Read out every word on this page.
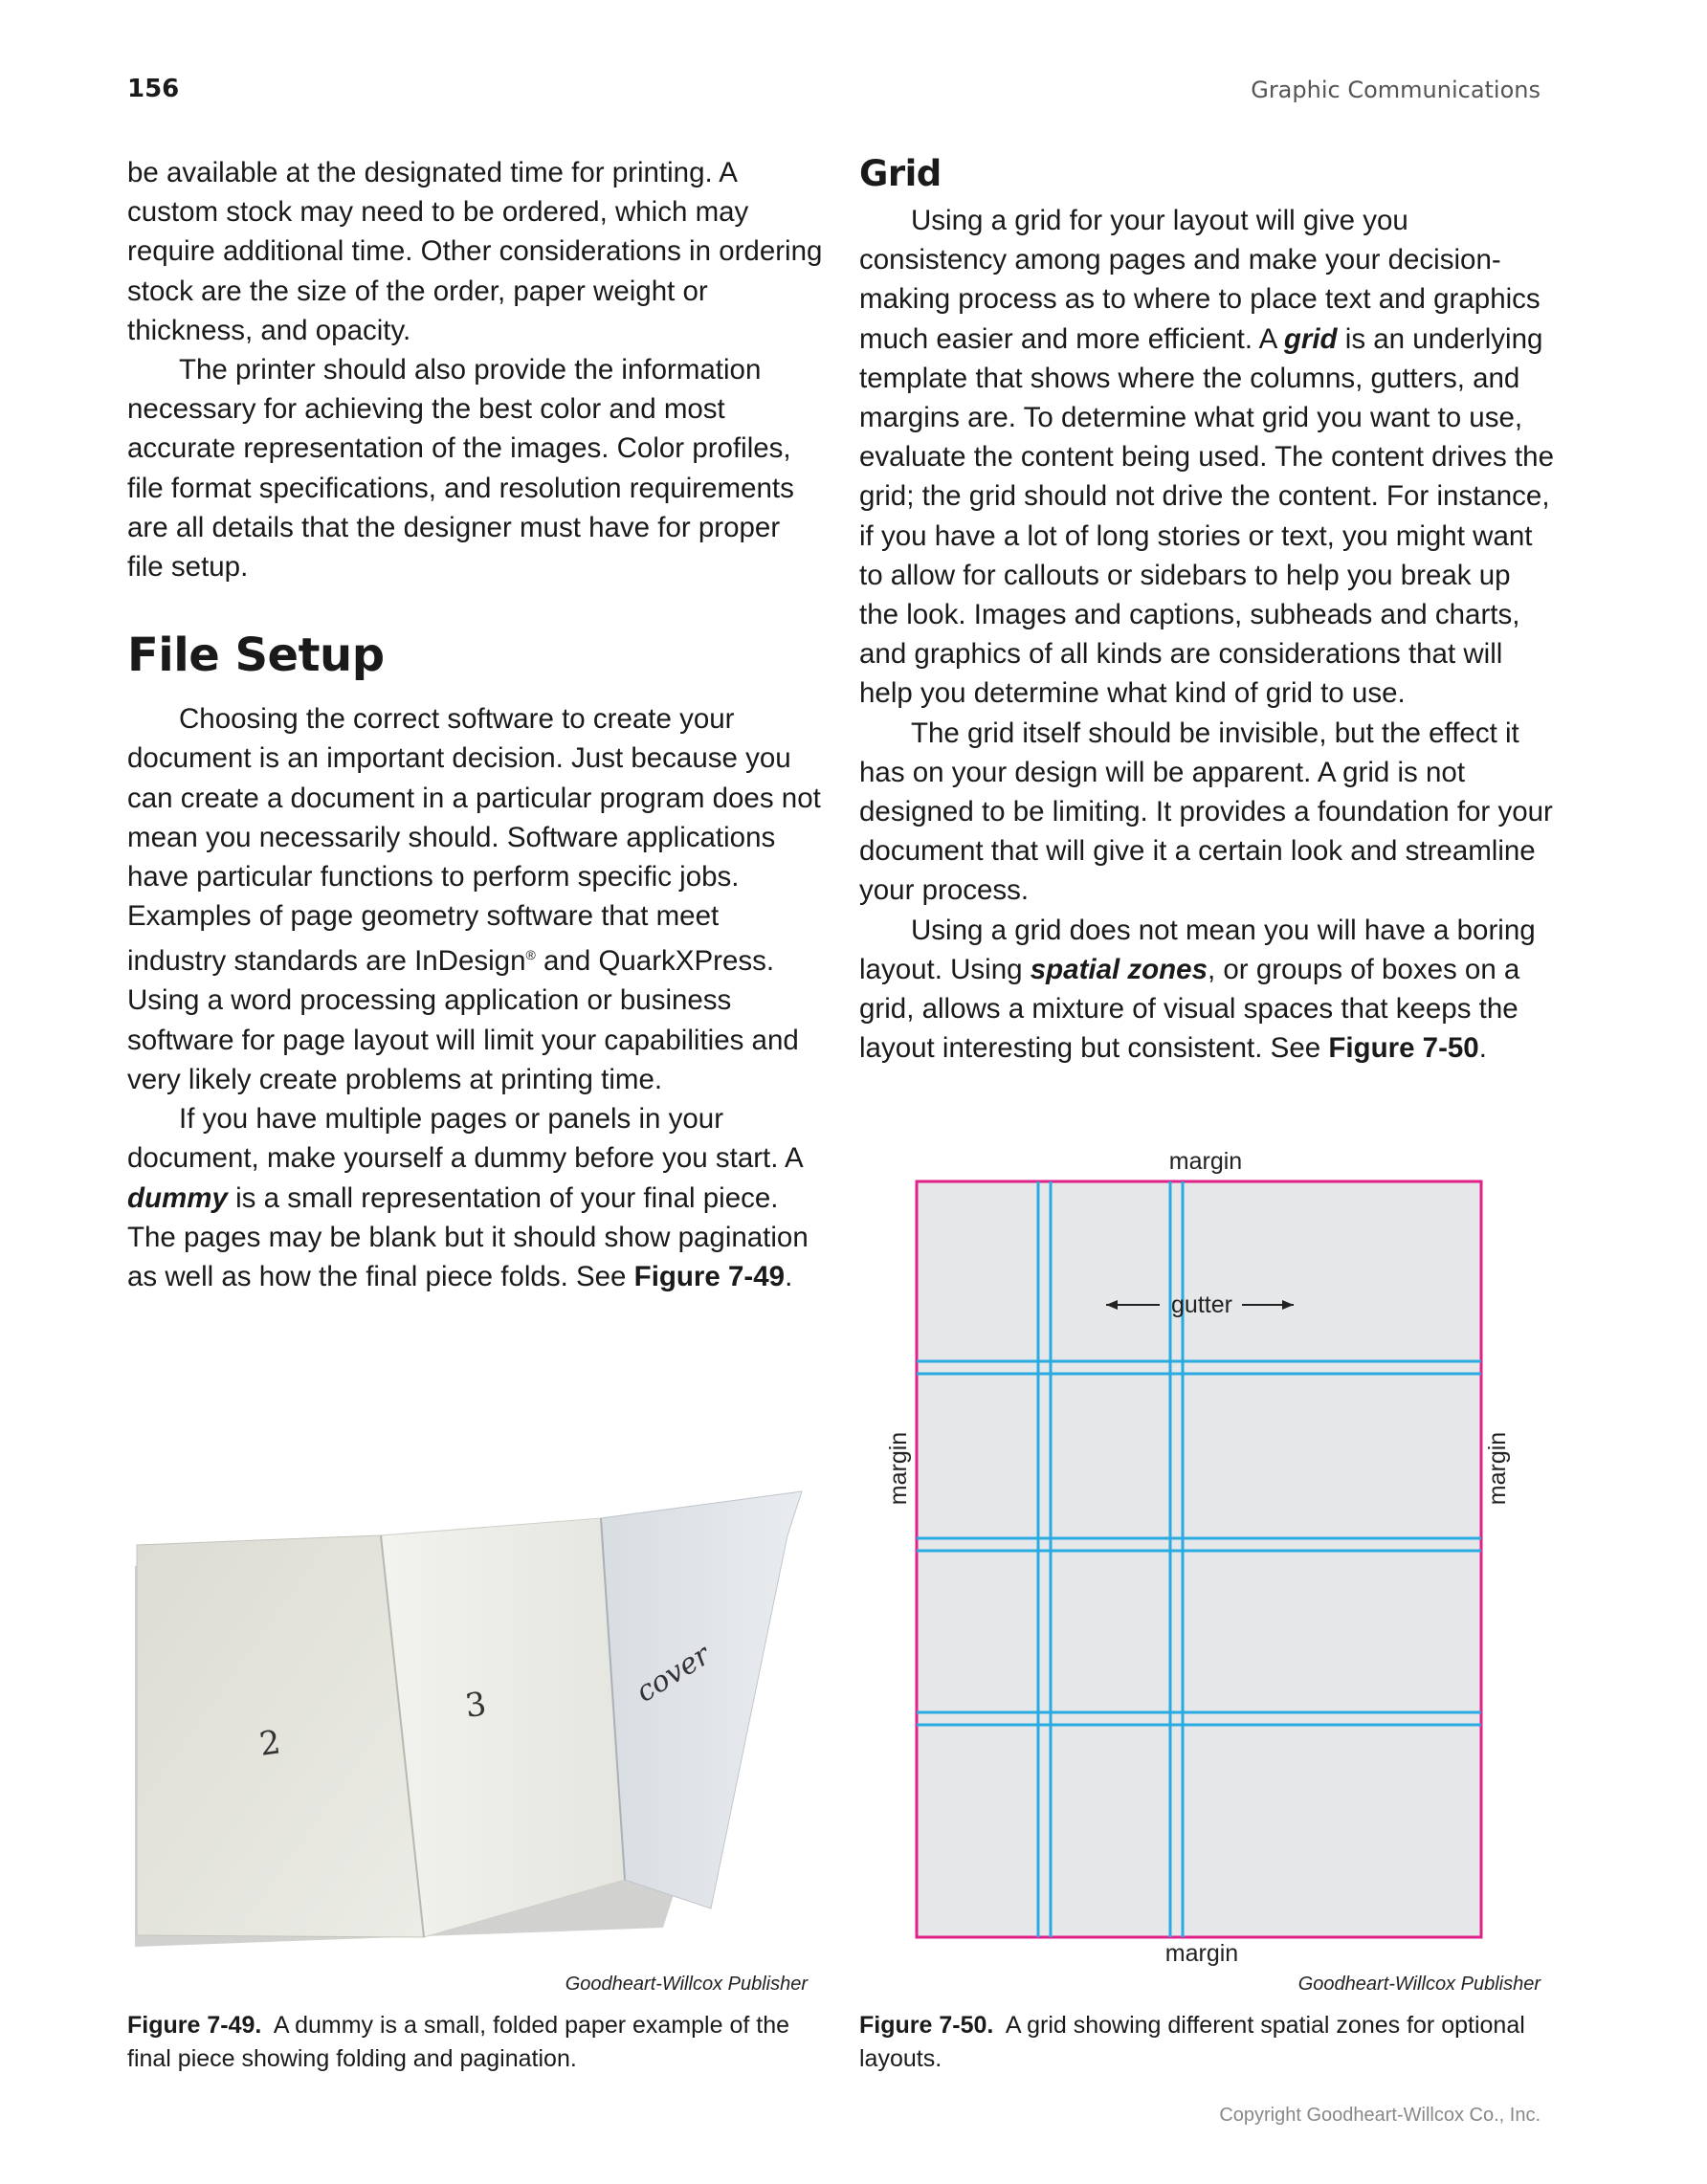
156	Graphic Communications

be available at the designated time for printing. A custom stock may need to be ordered, which may require additional time. Other considerations in ordering stock are the size of the order, paper weight or thickness, and opacity.

The printer should also provide the information necessary for achieving the best color and most accurate representation of the images. Color profiles, file format specifications, and resolution requirements are all details that the designer must have for proper file setup.

File Setup

Choosing the correct software to create your document is an important decision. Just because you can create a document in a particular program does not mean you necessarily should. Software applications have particular functions to perform specific jobs. Examples of page geometry software that meet industry standards are InDesign® and QuarkXPress. Using a word processing application or business software for page layout will limit your capabilities and very likely create problems at printing time.

If you have multiple pages or panels in your document, make yourself a dummy before you start. A dummy is a small representation of your final piece. The pages may be blank but it should show pagination as well as how the final piece folds. See Figure 7-49.

Grid

Using a grid for your layout will give you consistency among pages and make your decision-making process as to where to place text and graphics much easier and more efficient. A grid is an underlying template that shows where the columns, gutters, and margins are. To determine what grid you want to use, evaluate the content being used. The content drives the grid; the grid should not drive the content. For instance, if you have a lot of long stories or text, you might want to allow for callouts or sidebars to help you break up the look. Images and captions, subheads and charts, and graphics of all kinds are considerations that will help you determine what kind of grid to use.

The grid itself should be invisible, but the effect it has on your design will be apparent. A grid is not designed to be limiting. It provides a foundation for your document that will give it a certain look and streamline your process.

Using a grid does not mean you will have a boring layout. Using spatial zones, or groups of boxes on a grid, allows a mixture of visual spaces that keeps the layout interesting but consistent. See Figure 7-50.

2
3	cover
margin
margin
margin	margin
gutter
Goodheart-Willcox Publisher	Goodheart-Willcox Publisher
Figure 7-49. A dummy is a small, folded paper example of the final piece showing folding and pagination.
Figure 7-50. A grid showing different spatial zones for optional layouts.
Copyright Goodheart-Willcox Co., Inc.
